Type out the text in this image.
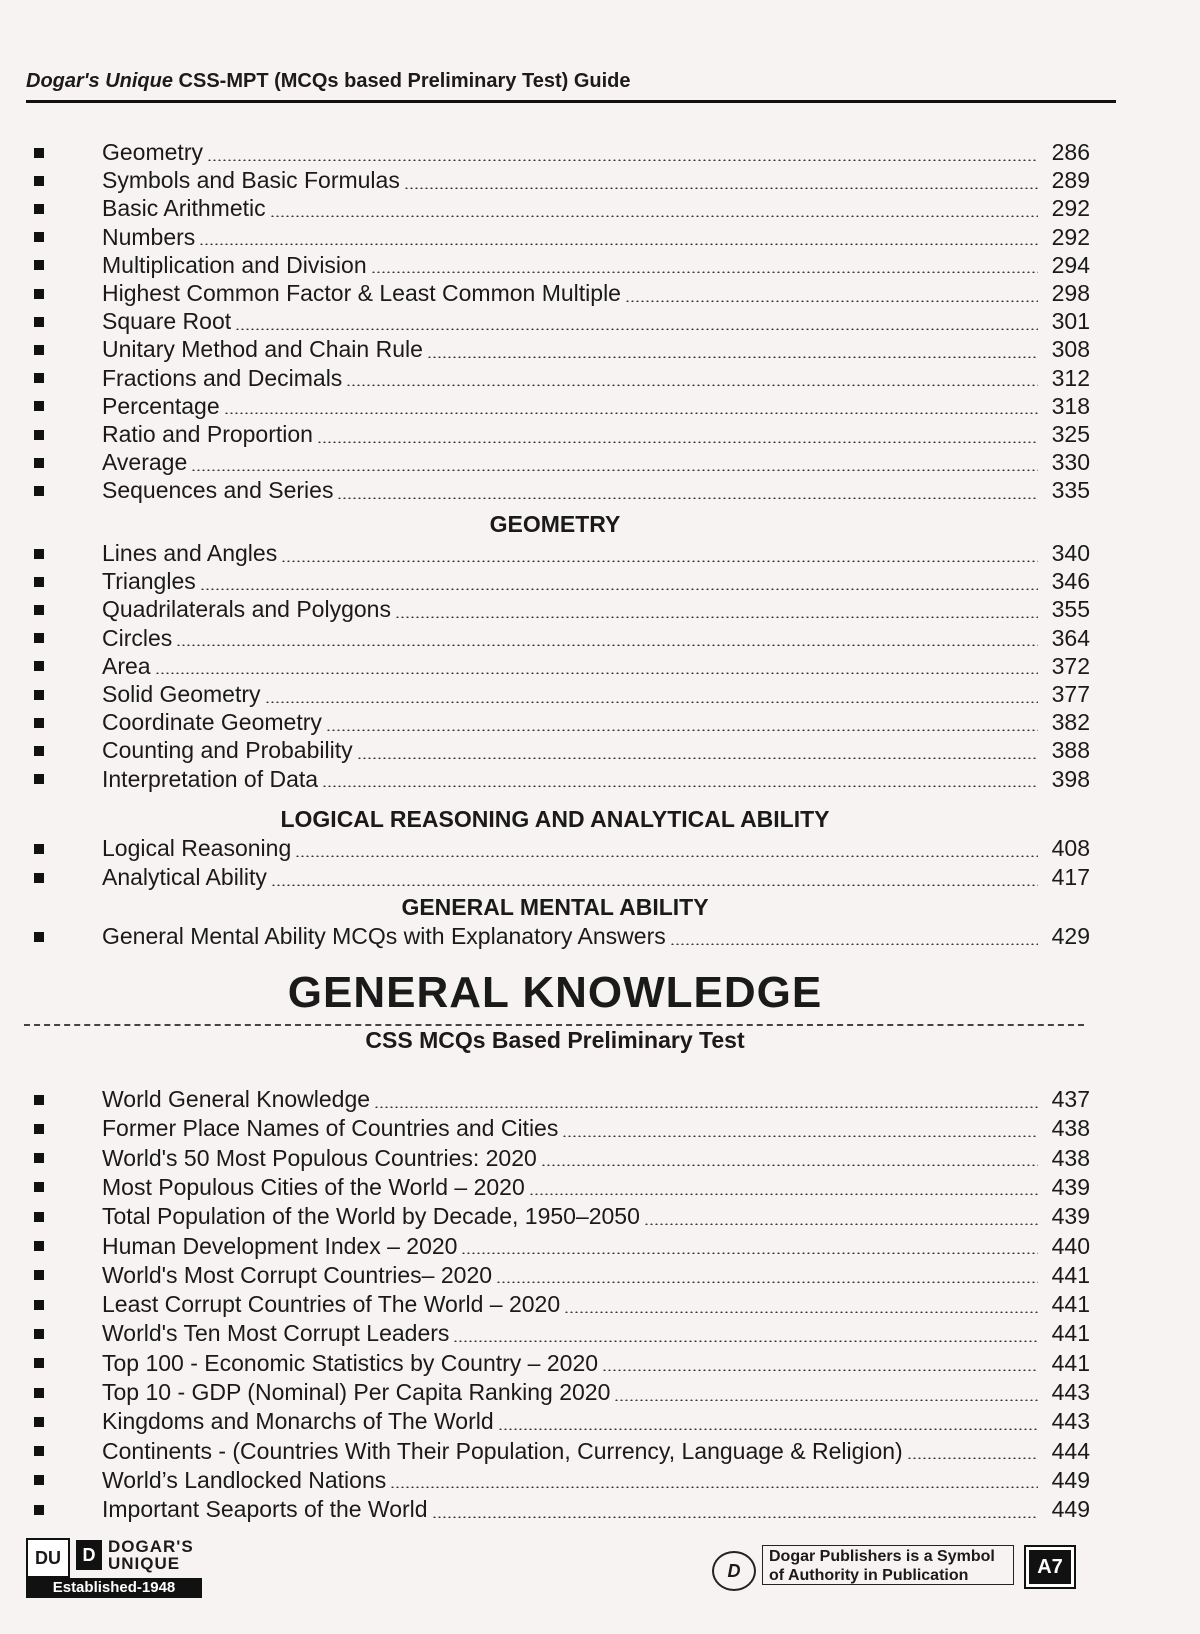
Dogar's Unique CSS-MPT (MCQs based Preliminary Test) Guide
Geometry	286
Symbols and Basic Formulas	289
Basic Arithmetic	292
Numbers	292
Multiplication and Division	294
Highest Common Factor & Least Common Multiple	298
Square Root	301
Unitary Method and Chain Rule	308
Fractions and Decimals	312
Percentage	318
Ratio and Proportion	325
Average	330
Sequences and Series	335
Lines and Angles	340
Triangles	346
Quadrilaterals and Polygons	355
Circles	364
Area	372
Solid Geometry	377
Coordinate Geometry	382
Counting and Probability	388
Interpretation of Data	398
Logical Reasoning	408
Analytical Ability	417
General Mental Ability MCQs with Explanatory Answers	429
World General Knowledge	437
Former Place Names of Countries and Cities	438
World's 50 Most Populous Countries: 2020	438
Most Populous Cities of the World – 2020	439
Total Population of the World by Decade, 1950–2050	439
Human Development Index – 2020	440
World's Most Corrupt Countries– 2020	441
Least Corrupt Countries of The World – 2020	441
World's Ten Most Corrupt Leaders	441
Top 100 - Economic Statistics by Country – 2020	441
Top 10 - GDP (Nominal) Per Capita Ranking 2020	443
Kingdoms and Monarchs of The World	443
Continents - (Countries With Their Population, Currency, Language & Religion)	444
World’s Landlocked Nations	449
Important Seaports of the World	449
GEOMETRY
LOGICAL REASONING AND ANALYTICAL ABILITY
GENERAL MENTAL ABILITY
GENERAL KNOWLEDGE
CSS MCQs Based Preliminary Test
DU	D DOGAR'S
UNIQUE
Established-1948
D
Dogar Publishers is a Symbol
of Authority in Publication	A7
